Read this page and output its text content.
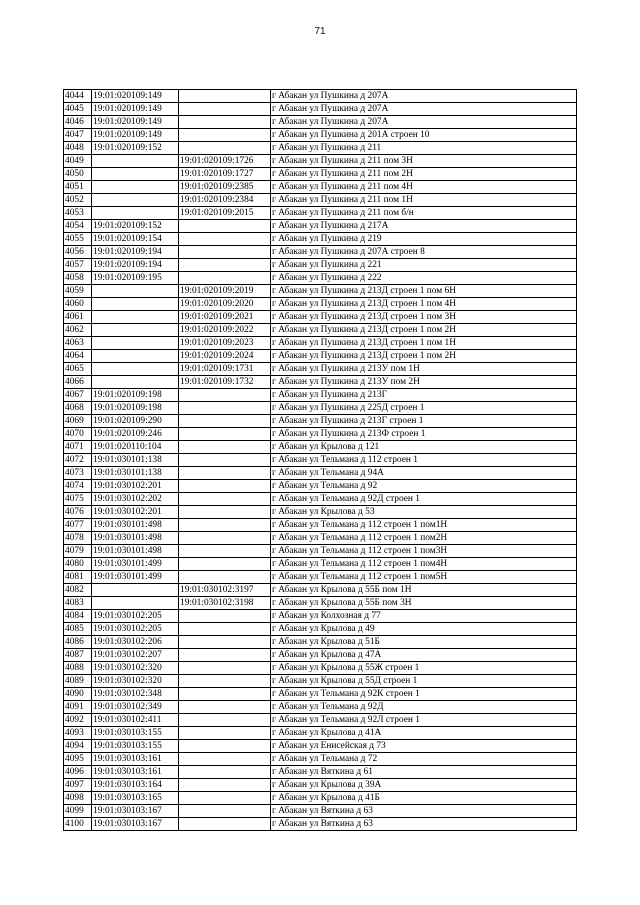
71
4044	19:01:020109:149		г Абакан ул Пушкина д 207А
4045	19:01:020109:149		г Абакан ул Пушкина д 207А
4046	19:01:020109:149		г Абакан ул Пушкина д 207А
4047	19:01:020109:149		г Абакан ул Пушкина д 201А строен 10
4048	19:01:020109:152		г Абакан ул Пушкина д 211
4049		19:01:020109:1726	г Абакан ул Пушкина д 211 пом 3Н
4050		19:01:020109:1727	г Абакан ул Пушкина д 211 пом 2Н
4051		19:01:020109:2385	г Абакан ул Пушкина д 211 пом 4Н
4052		19:01:020109:2384	г Абакан ул Пушкина д 211 пом 1Н
4053		19:01:020109:2015	г Абакан ул Пушкина д 211 пом б/н
4054	19:01:020109:152		г Абакан ул Пушкина д 217А
4055	19:01:020109:154		г Абакан ул Пушкина д 219
4056	19:01:020109:194		г Абакан ул Пушкина д 207А строен 8
4057	19:01:020109:194		г Абакан ул Пушкина д 221
4058	19:01:020109:195		г Абакан ул Пушкина д 222
4059		19:01:020109:2019	г Абакан ул Пушкина д 213Д строен 1 пом 6Н
4060		19:01:020109:2020	г Абакан ул Пушкина д 213Д строен 1 пом 4Н
4061		19:01:020109:2021	г Абакан ул Пушкина д 213Д строен 1 пом 3Н
4062		19:01:020109:2022	г Абакан ул Пушкина д 213Д строен 1 пом 2Н
4063		19:01:020109:2023	г Абакан ул Пушкина д 213Д строен 1 пом 1Н
4064		19:01:020109:2024	г Абакан ул Пушкина д 213Д строен 1 пом 2Н
4065		19:01:020109:1731	г Абакан ул Пушкина д 213У пом 1Н
4066		19:01:020109:1732	г Абакан ул Пушкина д 213У пом 2Н
4067	19:01:020109:198		г Абакан ул Пушкина д 213Г
4068	19:01:020109:198		г Абакан ул Пушкина д 225Д строен 1
4069	19:01:020109:290		г Абакан ул Пушкина д 213Г строен 1
4070	19:01:020109:246		г Абакан ул Пушкина д 213Ф строен 1
4071	19:01:020110:104		г Абакан ул Крылова д 121
4072	19:01:030101:138		г Абакан ул Тельмана д 112 строен 1
4073	19:01:030101:138		г Абакан ул Тельмана д 94А
4074	19:01:030102:201		г Абакан ул Тельмана д 92
4075	19:01:030102:202		г Абакан ул Тельмана д 92Д строен 1
4076	19:01:030102:201		г Абакан ул Крылова д 53
4077	19:01:030101:498		г Абакан ул Тельмана д 112 строен 1 пом1Н
4078	19:01:030101:498		г Абакан ул Тельмана д 112 строен 1 пом2Н
4079	19:01:030101:498		г Абакан ул Тельмана д 112 строен 1 пом3Н
4080	19:01:030101:499		г Абакан ул Тельмана д 112 строен 1 пом4Н
4081	19:01:030101:499		г Абакан ул Тельмана д 112 строен 1 пом5Н
4082		19:01:030102:3197	г Абакан ул Крылова д 55Б пом 1Н
4083		19:01:030102:3198	г Абакан ул Крылова д 55Б пом 3Н
4084	19:01:030102:205		г Абакан ул Колхозная д 77
4085	19:01:030102:205		г Абакан ул Крылова д 49
4086	19:01:030102:206		г Абакан ул Крылова д 51Б
4087	19:01:030102:207		г Абакан ул Крылова д 47А
4088	19:01:030102:320		г Абакан ул Крылова д 55Ж строен 1
4089	19:01:030102:320		г Абакан ул Крылова д 55Д строен 1
4090	19:01:030102:348		г Абакан ул Тельмана д 92К строен 1
4091	19:01:030102:349		г Абакан ул Тельмана д 92Д
4092	19:01:030102:411		г Абакан ул Тельмана д 92Л строен 1
4093	19:01:030103:155		г Абакан ул Крылова д 41А
4094	19:01:030103:155		г Абакан ул Енисейская д 73
4095	19:01:030103:161		г Абакан ул Тельмана д 72
4096	19:01:030103:161		г Абакан ул Вяткина д 61
4097	19:01:030103:164		г Абакан ул Крылова д 39А
4098	19:01:030103:165		г Абакан ул Крылова д 41Б
4099	19:01:030103:167		г Абакан ул Вяткина д 63
4100	19:01:030103:167		г Абакан ул Вяткина д 63
